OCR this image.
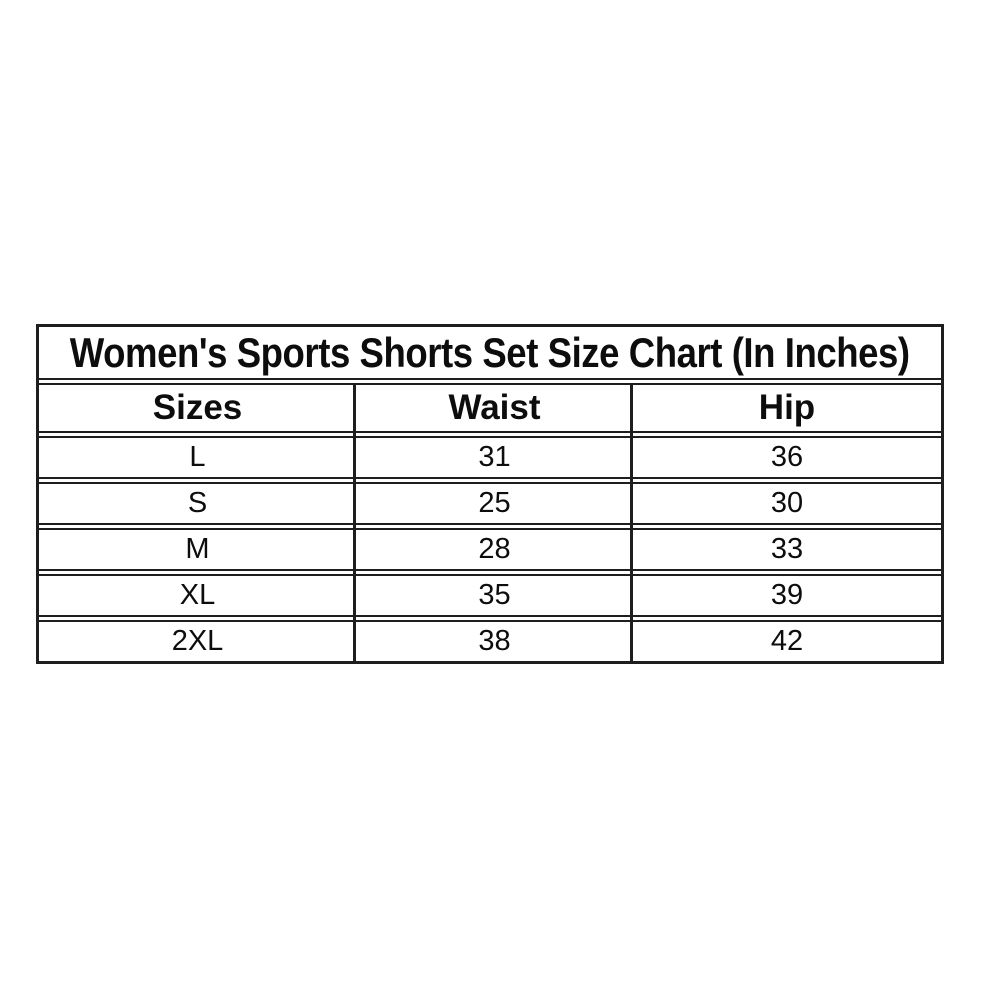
Women's Sports Shorts Set Size Chart (In Inches)
Sizes	Waist	Hip
L	31	36
S	25	30
M	28	33
XL	35	39
2XL	38	42
